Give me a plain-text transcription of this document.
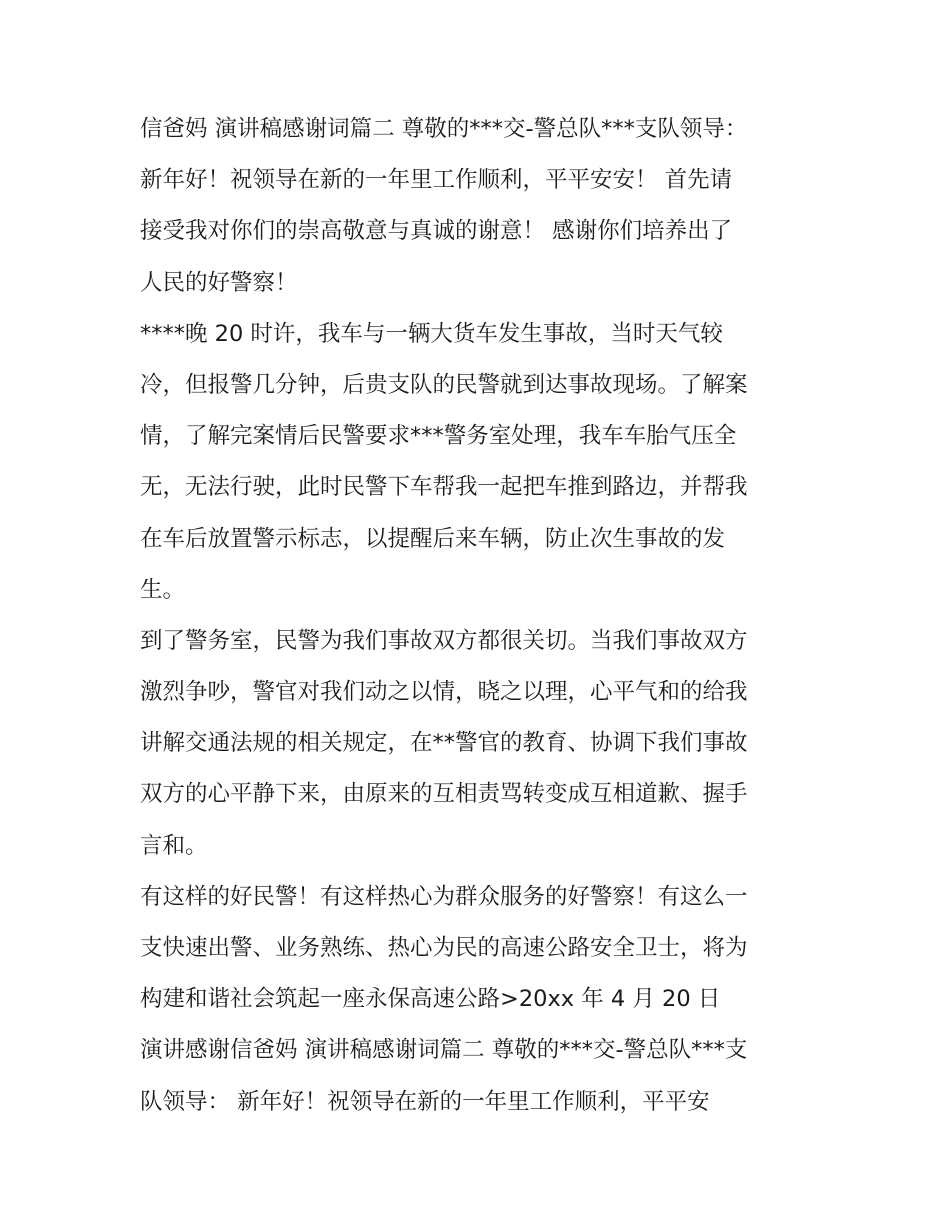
信爸妈 演讲稿感谢词篇二 尊敬的***交-警总队***支队领导：
新年好！祝领导在新的一年里工作顺利，平平安安！ 首先请
接受我对你们的崇高敬意与真诚的谢意！ 感谢你们培养出了
人民的好警察！
****晚 20 时许，我车与一辆大货车发生事故，当时天气较
冷，但报警几分钟，后贵支队的民警就到达事故现场。了解案
情，了解完案情后民警要求***警务室处理，我车车胎气压全
无，无法行驶，此时民警下车帮我一起把车推到路边，并帮我
在车后放置警示标志，以提醒后来车辆，防止次生事故的发
生。
到了警务室，民警为我们事故双方都很关切。当我们事故双方
激烈争吵，警官对我们动之以情，晓之以理，心平气和的给我
讲解交通法规的相关规定，在**警官的教育、协调下我们事故
双方的心平静下来，由原来的互相责骂转变成互相道歉、握手
言和。
有这样的好民警！有这样热心为群众服务的好警察！有这么一
支快速出警、业务熟练、热心为民的高速公路安全卫士，将为
构建和谐社会筑起一座永保高速公路>20xx 年 4 月 20 日
演讲感谢信爸妈 演讲稿感谢词篇二 尊敬的***交-警总队***支
队领导： 新年好！祝领导在新的一年里工作顺利，平平安
